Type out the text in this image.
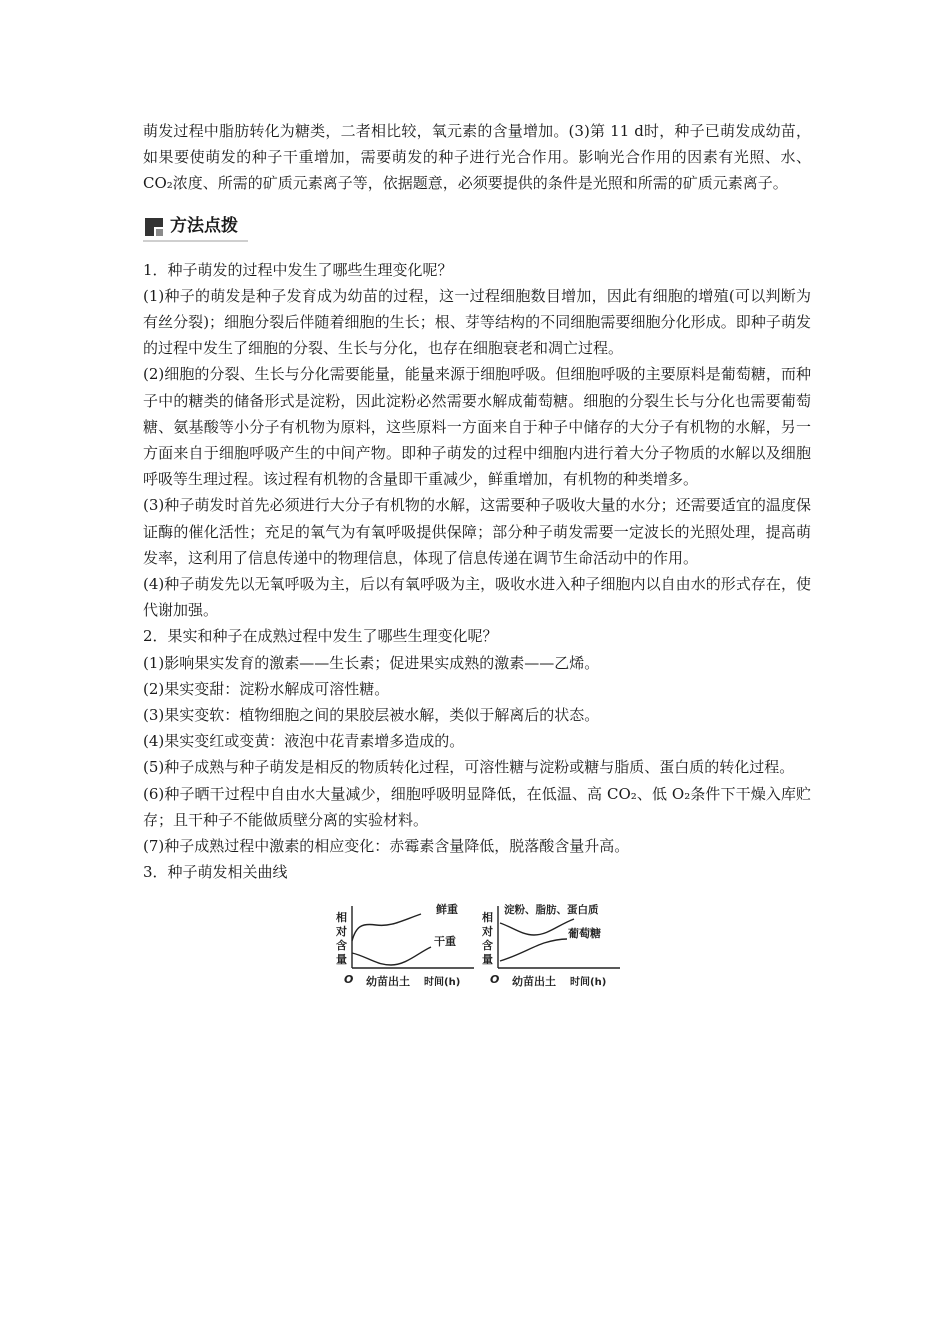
萌发过程中脂肪转化为糖类，二者相比较，氧元素的含量增加。(3)第 11 d时，种子已萌发成幼苗，如果要使萌发的种子干重增加，需要萌发的种子进行光合作用。影响光合作用的因素有光照、水、CO₂浓度、所需的矿质元素离子等，依据题意，必须要提供的条件是光照和所需的矿质元素离子。

方法点拨

1．种子萌发的过程中发生了哪些生理变化呢？

(1)种子的萌发是种子发育成为幼苗的过程，这一过程细胞数目增加，因此有细胞的增殖(可以判断为有丝分裂)；细胞分裂后伴随着细胞的生长；根、芽等结构的不同细胞需要细胞分化形成。即种子萌发的过程中发生了细胞的分裂、生长与分化，也存在细胞衰老和凋亡过程。

(2)细胞的分裂、生长与分化需要能量，能量来源于细胞呼吸。但细胞呼吸的主要原料是葡萄糖，而种子中的糖类的储备形式是淀粉，因此淀粉必然需要水解成葡萄糖。细胞的分裂生长与分化也需要葡萄糖、氨基酸等小分子有机物为原料，这些原料一方面来自于种子中储存的大分子有机物的水解，另一方面来自于细胞呼吸产生的中间产物。即种子萌发的过程中细胞内进行着大分子物质的水解以及细胞呼吸等生理过程。该过程有机物的含量即干重减少，鲜重增加，有机物的种类增多。

(3)种子萌发时首先必须进行大分子有机物的水解，这需要种子吸收大量的水分；还需要适宜的温度保证酶的催化活性；充足的氧气为有氧呼吸提供保障；部分种子萌发需要一定波长的光照处理，提高萌发率，这利用了信息传递中的物理信息，体现了信息传递在调节生命活动中的作用。

(4)种子萌发先以无氧呼吸为主，后以有氧呼吸为主，吸收水进入种子细胞内以自由水的形式存在，使代谢加强。

2．果实和种子在成熟过程中发生了哪些生理变化呢？

(1)影响果实发育的激素——生长素；促进果实成熟的激素——乙烯。

(2)果实变甜：淀粉水解成可溶性糖。

(3)果实变软：植物细胞之间的果胶层被水解，类似于解离后的状态。

(4)果实变红或变黄：液泡中花青素增多造成的。

(5)种子成熟与种子萌发是相反的物质转化过程，可溶性糖与淀粉或糖与脂质、蛋白质的转化过程。

(6)种子晒干过程中自由水大量减少，细胞呼吸明显降低，在低温、高 CO₂、低 O₂条件下干燥入库贮存；且干种子不能做质壁分离的实验材料。

(7)种子成熟过程中激素的相应变化：赤霉素含量降低，脱落酸含量升高。

3．种子萌发相关曲线

相
对
含
量
鲜重
干重
O 幼苗出土 时间(h)
相
对
含
量
淀粉、脂肪、蛋白质
葡萄糖
O 幼苗出土 时间(h)
